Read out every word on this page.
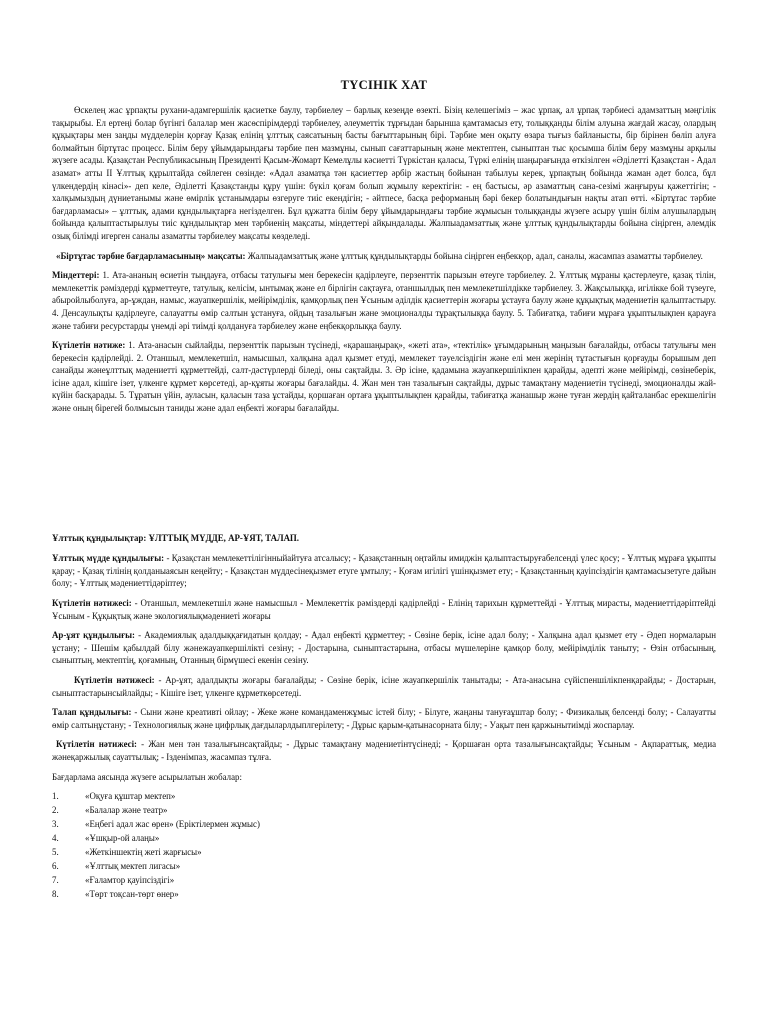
ТҮСІНІК ХАТ

Өскелең жас ұрпақты рухани-адамгершілік қасиетке баулу, тәрбиелеу – барлық кезеңде өзекті. Бізің келешегіміз – жас ұрпақ, ал ұрпақ тәрбиесі адамзаттың мәңгілік тақырыбы. Ел ертеңі болар бүгінгі балалар мен жасөспірімдерді тәрбиелеу, әлеуметтік тұрғыдан барынша қамтамасыз ету, толыққанды білім алуына жағдай жасау, олардың құқықтары мен заңды мүдделерін қорғау Қазақ елінің ұлттық саясатының басты бағыттарының бірі. Тәрбие мен оқыту өзара тығыз байланысты, бір бірінен бөліп алуға болмайтын біртұтас процесс. Білім беру ұйымдарындағы тәрбие пен мазмұны, сынып сағаттарының және мектептен, сыныптан тыс қосымша білім беру мазмұны арқылы жүзеге асады. Қазақстан Республикасының Президенті Қасым-Жомарт Кемелұлы кәсиетті Түркістан қаласы, Түркі елінің шаңырағында өткізілген «Әділетті Қазақстан - Адал азамат» атты II Ұлттық құрылтайда сөйлеген сөзінде: «Адал азаматқа тән қасиеттер әрбір жастың бойынан табылуы керек, ұрпақтың бойында жаман әдет болса, бұл үлкендердің кінәсі»- деп келе, Әділетті Қазақстанды құру үшін: бүкіл қоғам болып жұмылу керектігін: - ең бастысы, әр азаматтың сана-сезімі жаңғыруы қажеттігін; - халқымыздың дүниетанымы және өмірлік ұстанымдары өзгеруге тиіс екендігін; - әйтпесе, басқа реформаның бәрі бекер болатындығын нақты атап өтті. «Біртұтас тәрбие бағдарламасы» – ұлттық, адами құндылықтарға негізделген. Бұл құжатта білім беру ұйымдарындағы тәрбие жұмысын толыққанды жүзеге асыру үшін білім алушылардың бойында қалыптастырылуы тиіс құндылықтар мен тәрбиенің мақсаты, міндеттері айқындалады. Жалпыадамзаттық және ұлттық құндылықтарды бойына сіңірген, әлемдік озық білімді игерген саналы азаматты тәрбиелеу мақсаты көзделеді.

«Біртұтас тәрбие бағдарламасының» мақсаты: Жалпыадамзаттық және ұлттық құндылықтарды бойына сіңірген еңбекқор, адал, саналы, жасампаз азаматты тәрбиелеу.

Міндеттері: 1. Ата-ананың өсиетін тыңдауға, отбасы татулығы мен берекесін қадірлеуге, перзенттік парызын өтеуге тәрбиелеу. 2. Ұлттық мұраны қастерлеуге, қазақ тілін, мемлекеттік рәміздерді құрметтеуге, татулық, келісім, ынтымақ және ел бірлігін сақтауға, отаншылдық пен мемлекетшілдікке тәрбиелеу. 3. Жақсылыққа, игілікке бой түзеуге, абыройлыболуға, ар-ұждан, намыс, жауапкершілік, мейірімділік, қамқорлық пен Ұсыным әділдік қасиеттерін жоғары ұстауға баулу және құқықтық мәдениетін қалыптастыру. 4. Денсаулықты қадірлеуге, салауатты өмір салтын ұстануға, ойдың тазалығын және эмоционалды тұрақтылыққа баулу. 5. Табиғатқа, табиғи мұраға ұқыптылықпен қарауға және табиғи ресурстарды үнемді әрі тиімді қолдануға тәрбиелеу және еңбекқорлыққа баулу.

Күтілетін нәтиже: 1. Ата-анасын сыйлайды, перзенттік парызын түсінеді, «қарашаңырақ», «жеті ата», «тектілік» ұғымдарының маңызын бағалайды, отбасы татулығы мен берекесін қадірлейді. 2. Отаншыл, мемлекетшіл, намысшыл, халқына адал қызмет етуді, мемлекет тәуелсіздігін және елі мен жерінің тұтастығын қорғауды борышым деп санайды жәнеұлттық мәдениетті құрметтейді, салт-дәстүрлерді біледі, оны сақтайды. 3. Әр ісіне, қадамына жауапкершілікпен қарайды, әдепті және мейірімді, сөзінеберік, ісіне адал, кішіге ізет, үлкенге құрмет көрсетеді, ар-құяты жоғары бағалайды. 4. Жан мен тән тазалығын сақтайды, дұрыс тамақтану мәдениетін түсінеді, эмоционалды жай-күйін басқарады. 5. Тұратын үйін, ауласын, қаласын таза ұстайды, қоршаған ортаға ұқыптылықпен қарайды, табиғатқа жанашыр және туған жердің қайталанбас ерекшелігін және оның бірегей болмысын таниды және адал еңбекті жоғары бағалайды.

Ұлттық құндылықтар: ҰЛТТЫҚ МҮДДЕ, АР-ҰЯТ, ТАЛАП.

Ұлттық мүдде құндылығы: - Қазақстан мемлекеттілігінныйайтуға атсалысу; - Қазақстанның оңтайлы имиджін қалыптастыруғабелсенді үлес қосу; - Ұлттық мұраға ұқыпты қарау; - Қазақ тілінің қолданыаясын кеңейту; - Қазақстан мүддесінеқызмет етуге ұмтылу; - Қоғам игілігі үшінқызмет ету; - Қазақстанның қауіпсіздігін қамтамасызетуге дайын болу; - Ұлттық мәдениеттідәріптеу;

Күтілетін нәтижесі: - Отаншыл, мемлекетшіл және намысшыл - Мемлекеттік рәміздерді қадірлейді - Елінің тарихын құрметтейді - Ұлттық мирасты, мәдениеттідәріптейді Ұсыным - Құқықтық және экологиялықмәдениеті жоғары

Ар-ұят құндылығы: - Академиялық адалдыққағидатын қолдау; - Адал еңбекті құрметтеу; - Сөзіне берік, ісіне адал болу; - Халқына адал қызмет ету - Әдеп нормаларын ұстану; - Шешім қабылдай білу жәнежауапкершілікті сезіну; - Достарына, сыныптастарына, отбасы мүшелеріне қамқор болу, мейірімділік таныту; - Өзін отбасының, сыныптың, мектептің, қоғамның, Отанның бірмүшесі екенін сезіну.

Күтілетін нәтижесі: - Ар-ұят, адалдықты жоғары бағалайды; - Сөзіне берік, ісіне жауапкершілік танытады; - Ата-анасына сүйіспеншілікпенқарайды; - Достарын, сыныптастарынсыйлайды; - Кішіге ізет, үлкенге құрметкөрсетеді.

Талап құндылығы: - Сыни және креативті ойлау; - Жеке және командаменжұмыс істей білу; - Білуге, жаңаны тануғаұштар болу; - Физикалық белсенді болу; - Салауатты өмір салтыңұстану; - Технологиялық және цифрлық дағдыларлдыплгерілету; - Дұрыс қарым-қатынасорната білу; - Уақыт пен қаржынытиімді жоспарлау.

Күтілетін нәтижесі: - Жан мен тән тазалығынсақтайды; - Дұрыс тамақтану мәдениетінтүсінеді; - Қоршаған орта тазалығынсақтайды; Ұсыным - Ақпараттық, медиа жәнеқаржылық сауаттылық; - Ізденімпаз, жасампаз тұлға.

Бағдарлама аясында жүзеге асырылатын жобалар:

1.	«Оқуға құштар мектеп»
2.	«Балалар және театр»
3.	«Еңбегі адал жас өрен» (Еріктілермен жұмыс)
4.	«Ұшқыр-ой алаңы»
5.	«Жеткіншектің жеті жарғысы»
6.	«Ұлттық мектеп лигасы»
7.	«Ғаламтор қауіпсіздігі»
8.	«Төрт тоқсан-төрт өнер»
